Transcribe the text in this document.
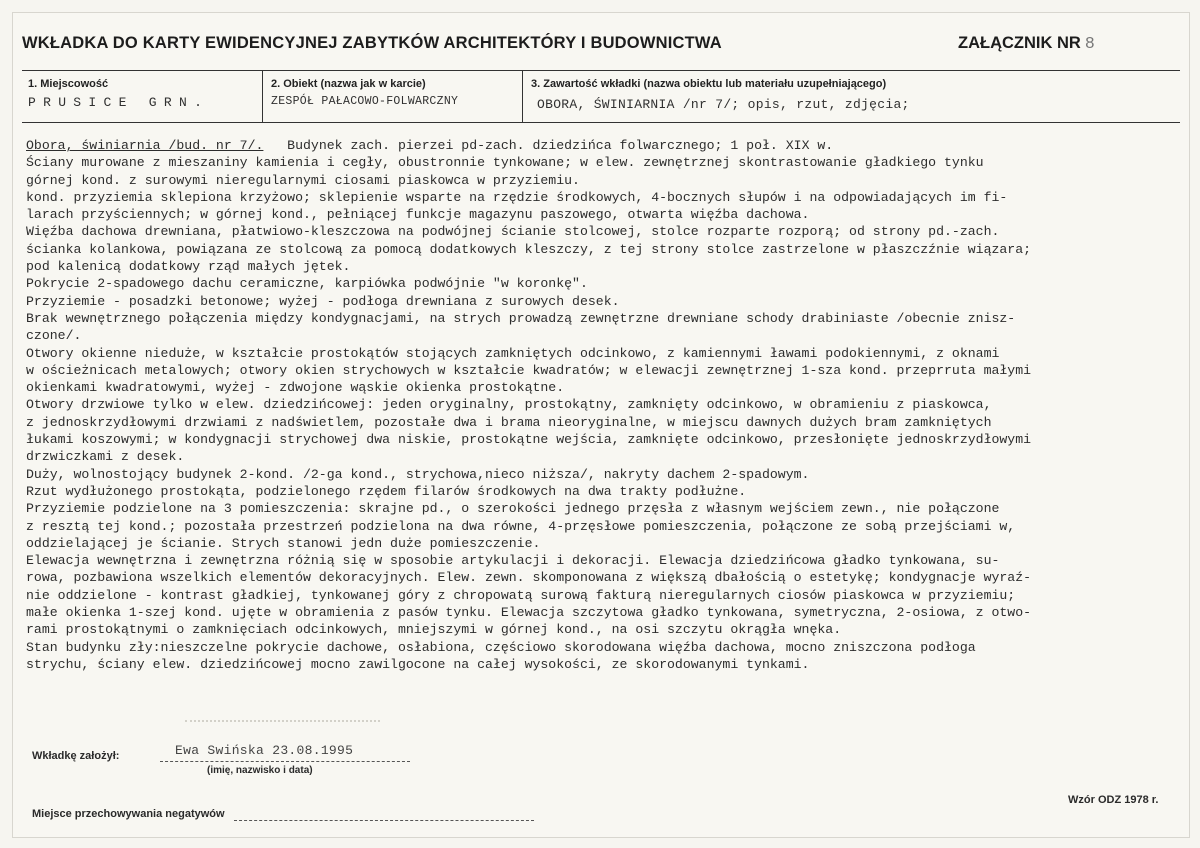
WKŁADKA DO KARTY EWIDENCYJNEJ ZABYTKÓW ARCHITEKTÓRY I BUDOWNICTWA	ZAŁĄCZNIK NR 8
1. Miejscowość
PRUSICE GRN.
2. Obiekt (nazwa jak w karcie)
ZESPÓŁ PAŁACOWO-FOLWARCZNY
3. Zawartość wkładki (nazwa obiektu lub materiału uzupełniającego)
OBORA, ŚWINIARNIA /nr 7/; opis, rzut, zdjęcia;
Obora, świniarnia /bud. nr 7/. Budynek zach. pierzei pd-zach. dziedzińca folwarcznego; 1 poł. XIX w.
Ściany murowane z mieszaniny kamienia i cegły, obustronnie tynkowane; w elew. zewnętrznej skontrastowanie gładkiego tynku
górnej kond. z surowymi nieregularnymi ciosami piaskowca w przyziemiu.
kond. przyziemia sklepiona krzyżowo; sklepienie wsparte na rzędzie środkowych, 4-bocznych słupów i na odpowiadających im fi-
larach przyściennych; w górnej kond., pełniącej funkcje magazynu paszowego, otwarta więźba dachowa.
Więźba dachowa drewniana, płatwiowo-kleszczowa na podwójnej ścianie stolcowej, stolce rozparte rozporą; od strony pd.-zach.
ścianka kolankowa, powiązana ze stolcową za pomocą dodatkowych kleszczy, z tej strony stolce zastrzelone w płaszczźnie wiązara;
pod kalenicą dodatkowy rząd małych jętek.
Pokrycie 2-spadowego dachu ceramiczne, karpiówka podwójnie "w koronkę".
Przyziemie - posadzki betonowe; wyżej - podłoga drewniana z surowych desek.
Brak wewnętrznego połączenia między kondygnacjami, na strych prowadzą zewnętrzne drewniane schody drabiniaste /obecnie znisz-
czone/.
Otwory okienne nieduże, w kształcie prostokątów stojących zamkniętych odcinkowo, z kamiennymi ławami podokiennymi, z oknami
w ościeżnicach metalowych; otwory okien strychowych w kształcie kwadratów; w elewacji zewnętrznej 1-sza kond. przeprruta małymi
okienkami kwadratowymi, wyżej - zdwojone wąskie okienka prostokątne.
Otwory drzwiowe tylko w elew. dziedzińcowej: jeden oryginalny, prostokątny, zamknięty odcinkowo, w obramieniu z piaskowca,
z jednoskrzydłowymi drzwiami z nadświetlem, pozostałe dwa i brama nieoryginalne, w miejscu dawnych dużych bram zamkniętych
łukami koszowymi; w kondygnacji strychowej dwa niskie, prostokątne wejścia, zamknięte odcinkowo, przesłonięte jednoskrzydłowymi
drzwiczkami z desek.
Duży, wolnostojący budynek 2-kond. /2-ga kond., strychowa,nieco niższa/, nakryty dachem 2-spadowym.
Rzut wydłużonego prostokąta, podzielonego rzędem filarów środkowych na dwa trakty podłużne.
Przyziemie podzielone na 3 pomieszczenia: skrajne pd., o szerokości jednego przęsła z własnym wejściem zewn., nie połączone
z resztą tej kond.; pozostała przestrzeń podzielona na dwa równe, 4-przęsłowe pomieszczenia, połączone ze sobą przejściami w,
oddzielającej je ścianie. Strych stanowi jedn duże pomieszczenie.
Elewacja wewnętrzna i zewnętrzna różnią się w sposobie artykulacji i dekoracji. Elewacja dziedzińcowa gładko tynkowana, su-
rowa, pozbawiona wszelkich elementów dekoracyjnych. Elew. zewn. skomponowana z większą dbałością o estetykę; kondygnacje wyraź-
nie oddzielone - kontrast gładkiej, tynkowanej góry z chropowatą surową fakturą nieregularnych ciosów piaskowca w przyziemiu;
małe okienka 1-szej kond. ujęte w obramienia z pasów tynku. Elewacja szczytowa gładko tynkowana, symetryczna, 2-osiowa, z otwo-
rami prostokątnymi o zamknięciach odcinkowych, mniejszymi w górnej kond., na osi szczytu okrągła wnęka.
Stan budynku zły:nieszczelne pokrycie dachowe, osłabiona, częściowo skorodowana więźba dachowa, mocno zniszczona podłoga
strychu, ściany elew. dziedzińcowej mocno zawilgocone na całej wysokości, ze skorodowanymi tynkami.
Wkładkę założył:	Ewa Swińska 23.08.1995
(imię, nazwisko i data)
Miejsce przechowywania negatywów
Wzór ODZ 1978 r.
